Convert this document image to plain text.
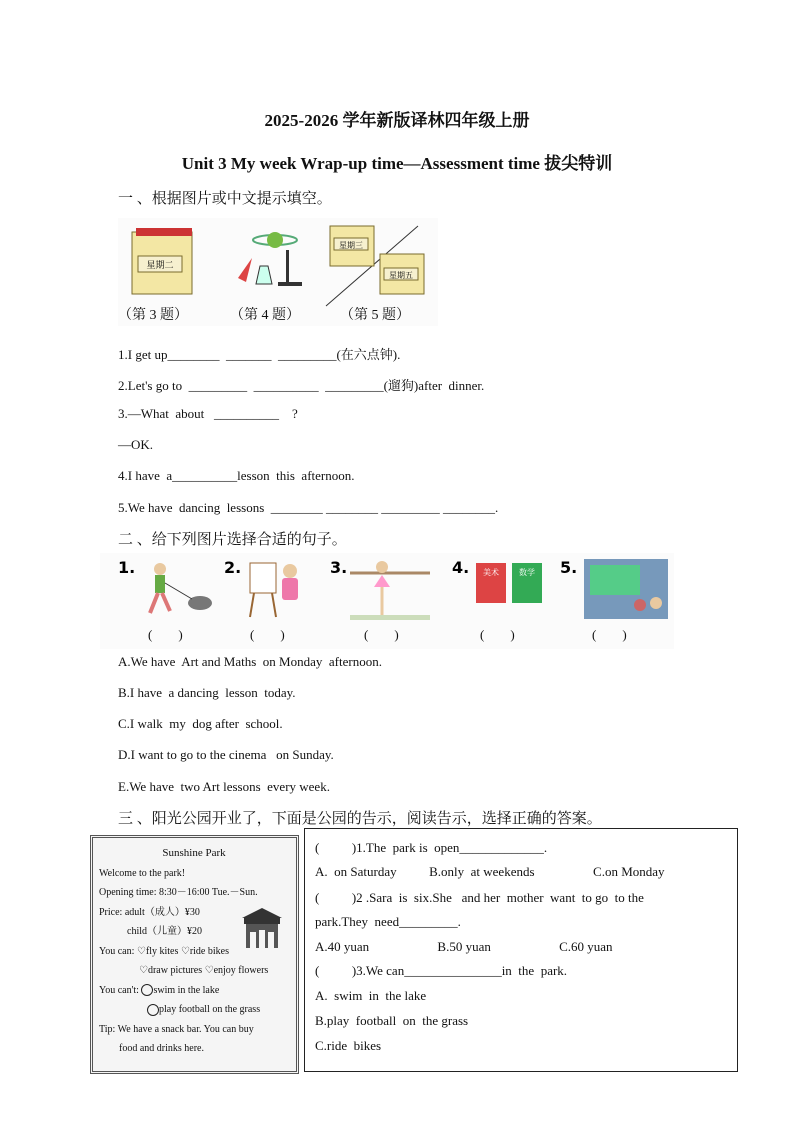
2025-2026 学年新版译林四年级上册
Unit 3 My week Wrap-up time—Assessment time 拔尖特训
一 、根据图片或中文提示填空。
星期二
星期三
星期五
（第 3 题）	（第 4 题）	（第 5 题）
1.I get up________  _______  _________(在六点钟).
2.Let's go to  _________  __________  _________(遛狗)after  dinner.
3.—What  about   __________    ?
—OK.
4.I have  a__________lesson  this  afternoon.
5.We have  dancing  lessons  ________ ________ _________ ________.
二 、给下列图片选择合适的句子。
1.	2.	3.	4.	5.
美术	数学
(        )	(        )	(        )	(        )	(        )
A.We have  Art and Maths  on Monday  afternoon.
B.I have  a dancing  lesson  today.
C.I walk  my  dog after  school.
D.I want to go to the cinema   on Sunday.
E.We have  two Art lessons  every week.
三 、阳光公园开业了，下面是公园的告示，阅读告示，选择正确的答案。
Sunshine Park
Welcome to the park!
Opening time: 8:30－16:00 Tue.－Sun.
Price: adult（成人）¥30
child（儿童）¥20
You can: ♡fly kites ♡ride bikes
♡draw pictures ♡enjoy flowers
You can't: swim in the lake
play football on the grass
Tip: We have a snack bar. You can buy
food and drinks here.
(          )1.The  park is  open_____________.
A.  on Saturday          B.only  at weekends                  C.on Monday
(          )2 .Sara  is  six.She   and her  mother  want  to go  to the
park.They  need_________.
A.40 yuan                     B.50 yuan                     C.60 yuan
(          )3.We can_______________in  the  park.
A.  swim  in  the lake
B.play  football  on  the grass
C.ride  bikes
